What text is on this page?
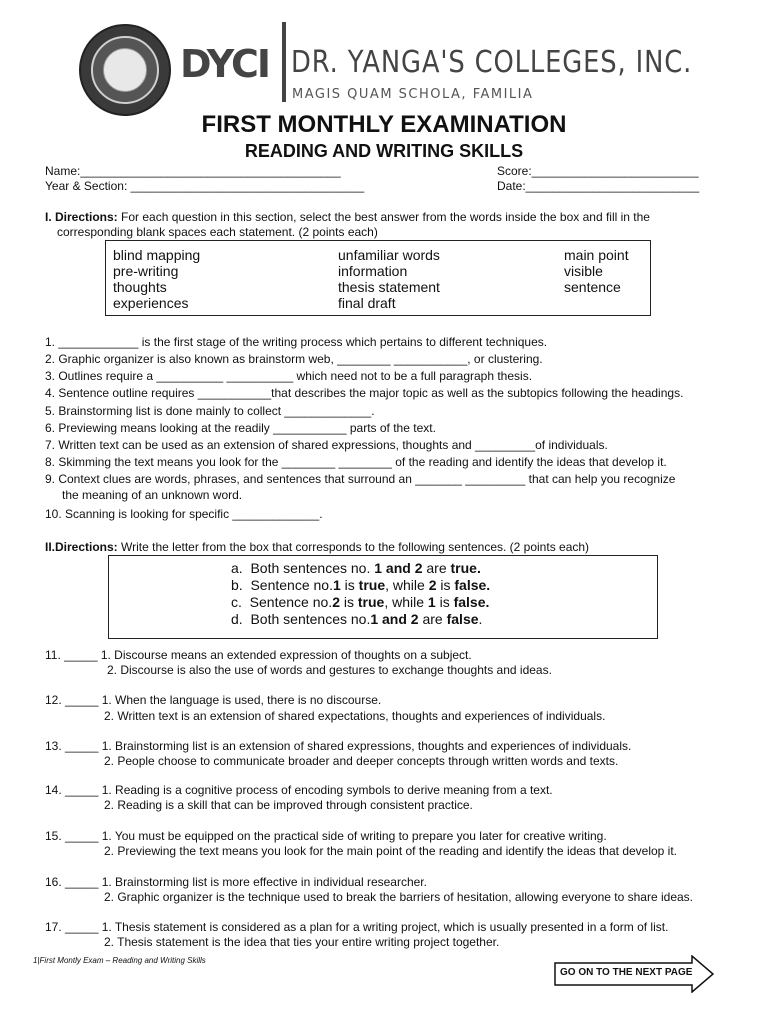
DYCI DR. YANGA'S COLLEGES, INC.
MAGIS QUAM SCHOLA, FAMILIA
FIRST MONTHLY EXAMINATION
READING AND WRITING SKILLS
Name:_______________________________________
Year & Section: ___________________________________
Score:_________________________
Date:__________________________
I. Directions: For each question in this section, select the best answer from the words inside the box and fill in the
corresponding blank spaces each statement. (2 points each)
blind mapping	unfamiliar words	main point
pre-writing	information	visible
thoughts	thesis statement	sentence
experiences	final draft
1. ____________ is the first stage of the writing process which pertains to different techniques.
2. Graphic organizer is also known as brainstorm web, ________ ___________, or clustering.
3. Outlines require a __________ __________ which need not to be a full paragraph thesis.
4. Sentence outline requires ___________that describes the major topic as well as the subtopics following the headings.
5. Brainstorming list is done mainly to collect _____________.
6. Previewing means looking at the readily ___________ parts of the text.
7. Written text can be used as an extension of shared expressions, thoughts and _________of individuals.
8. Skimming the text means you look for the ________ ________ of the reading and identify the ideas that develop it.
9. Context clues are words, phrases, and sentences that surround an _______ _________ that can help you recognize
the meaning of an unknown word.
10. Scanning is looking for specific _____________.
II.Directions: Write the letter from the box that corresponds to the following sentences. (2 points each)
a. Both sentences no. 1 and 2 are true.
b. Sentence no.1 is true, while 2 is false.
c. Sentence no.2 is true, while 1 is false.
d. Both sentences no.1 and 2 are false.
11. _____ 1. Discourse means an extended expression of thoughts on a subject.
2. Discourse is also the use of words and gestures to exchange thoughts and ideas.
12. _____ 1. When the language is used, there is no discourse.
2. Written text is an extension of shared expectations, thoughts and experiences of individuals.
13. _____ 1. Brainstorming list is an extension of shared expressions, thoughts and experiences of individuals.
2. People choose to communicate broader and deeper concepts through written words and texts.
14. _____ 1. Reading is a cognitive process of encoding symbols to derive meaning from a text.
2. Reading is a skill that can be improved through consistent practice.
15. _____ 1. You must be equipped on the practical side of writing to prepare you later for creative writing.
2. Previewing the text means you look for the main point of the reading and identify the ideas that develop it.
16. _____ 1. Brainstorming list is more effective in individual researcher.
2. Graphic organizer is the technique used to break the barriers of hesitation, allowing everyone to share ideas.
17. _____ 1. Thesis statement is considered as a plan for a writing project, which is usually presented in a form of list.
2. Thesis statement is the idea that ties your entire writing project together.
1|First Montly Exam – Reading and Writing Skills
GO ON TO THE NEXT PAGE
